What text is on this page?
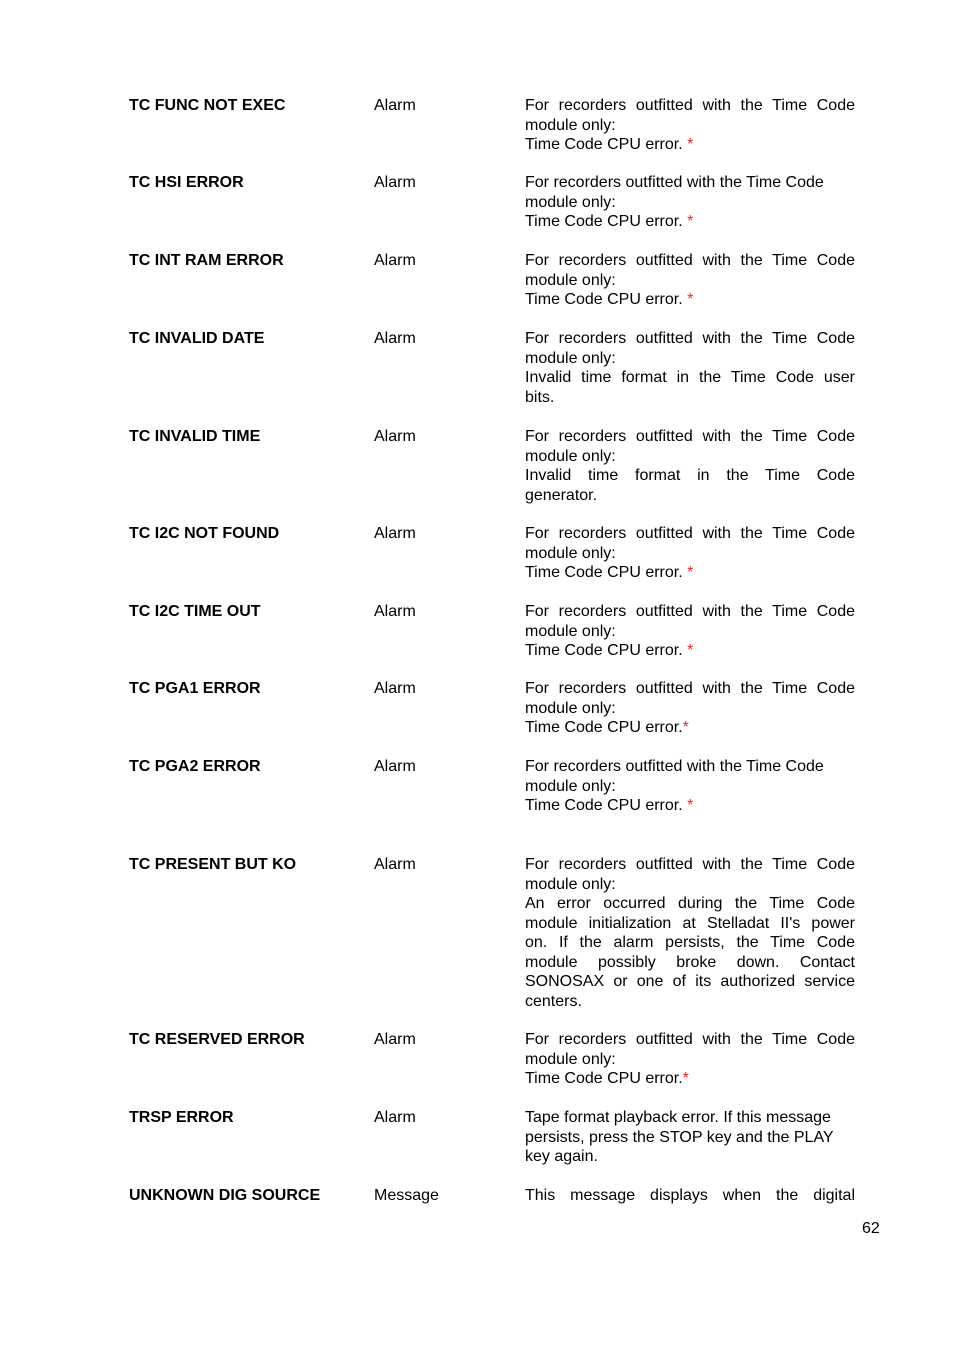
TC FUNC NOT EXEC	Alarm	For recorders outfitted with the Time Code
module only:
Time Code CPU error. *
TC HSI ERROR	Alarm	For recorders outfitted with the Time Code
module only:
Time Code CPU error. *
TC INT RAM ERROR	Alarm	For recorders outfitted with the Time Code
module only:
Time Code CPU error. *
TC INVALID DATE	Alarm	For recorders outfitted with the Time Code
module only:
Invalid time format in the Time Code user
bits.
TC INVALID TIME	Alarm	For recorders outfitted with the Time Code
module only:
Invalid time format in the Time Code
generator.
TC I2C NOT FOUND	Alarm	For recorders outfitted with the Time Code
module only:
Time Code CPU error. *
TC I2C TIME OUT	Alarm	For recorders outfitted with the Time Code
module only:
Time Code CPU error. *
TC PGA1 ERROR	Alarm	For recorders outfitted with the Time Code
module only:
Time Code CPU error.*
TC PGA2 ERROR	Alarm	For recorders outfitted with the Time Code
module only:
Time Code CPU error. *
TC PRESENT BUT KO	Alarm	For recorders outfitted with the Time Code
module only:
An error occurred during the Time Code
module initialization at Stelladat II's power
on. If the alarm persists, the Time Code
module possibly broke down. Contact
SONOSAX or one of its authorized service
centers.
TC RESERVED ERROR	Alarm	For recorders outfitted with the Time Code
module only:
Time Code CPU error.*
TRSP ERROR	Alarm	Tape format playback error. If this message
persists, press the STOP key and the PLAY
key again.
UNKNOWN DIG SOURCE	Message	This message displays when the digital
62
